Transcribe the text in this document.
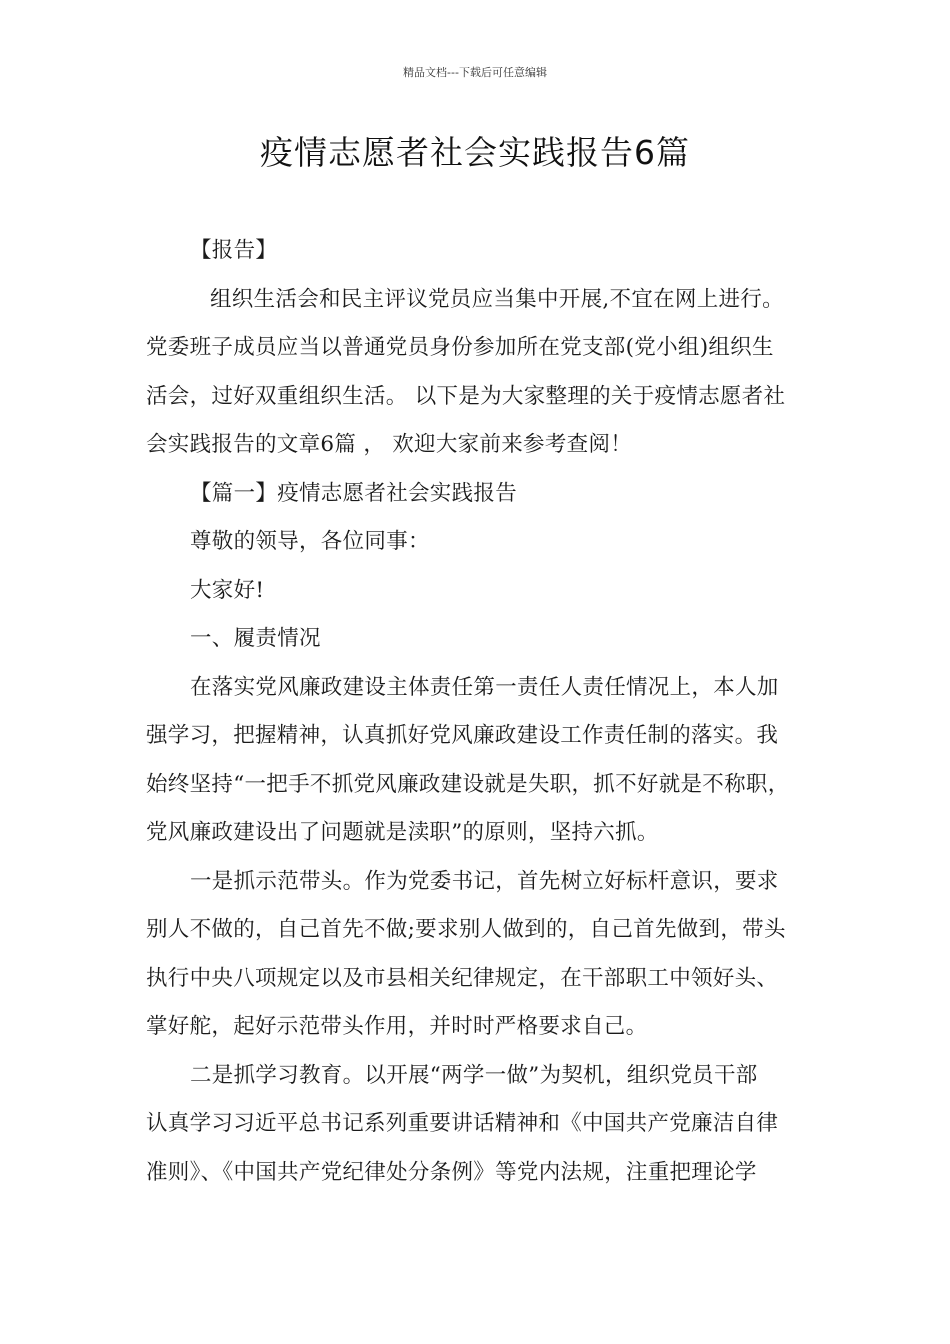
精品文档---下载后可任意编辑
疫情志愿者社会实践报告6篇
【报告】
组织生活会和民主评议党员应当集中开展,不宜在网上进行。
党委班子成员应当以普通党员身份参加所在党支部(党小组)组织生
活会，过好双重组织生活。 以下是为大家整理的关于疫情志愿者社
会实践报告的文章6篇 ， 欢迎大家前来参考查阅！
【篇一】疫情志愿者社会实践报告
尊敬的领导，各位同事：
大家好!
一、履责情况
在落实党风廉政建设主体责任第一责任人责任情况上，本人加
强学习，把握精神，认真抓好党风廉政建设工作责任制的落实。我
始终坚持“一把手不抓党风廉政建设就是失职，抓不好就是不称职，
党风廉政建设出了问题就是渎职”的原则，坚持六抓。
一是抓示范带头。作为党委书记，首先树立好标杆意识，要求
别人不做的，自己首先不做;要求别人做到的，自己首先做到，带头
执行中央八项规定以及市县相关纪律规定，在干部职工中领好头、
掌好舵，起好示范带头作用，并时时严格要求自己。
二是抓学习教育。以开展“两学一做”为契机，组织党员干部
认真学习习近平总书记系列重要讲话精神和《中国共产党廉洁自律
准则》、《中国共产党纪律处分条例》等党内法规，注重把理论学
